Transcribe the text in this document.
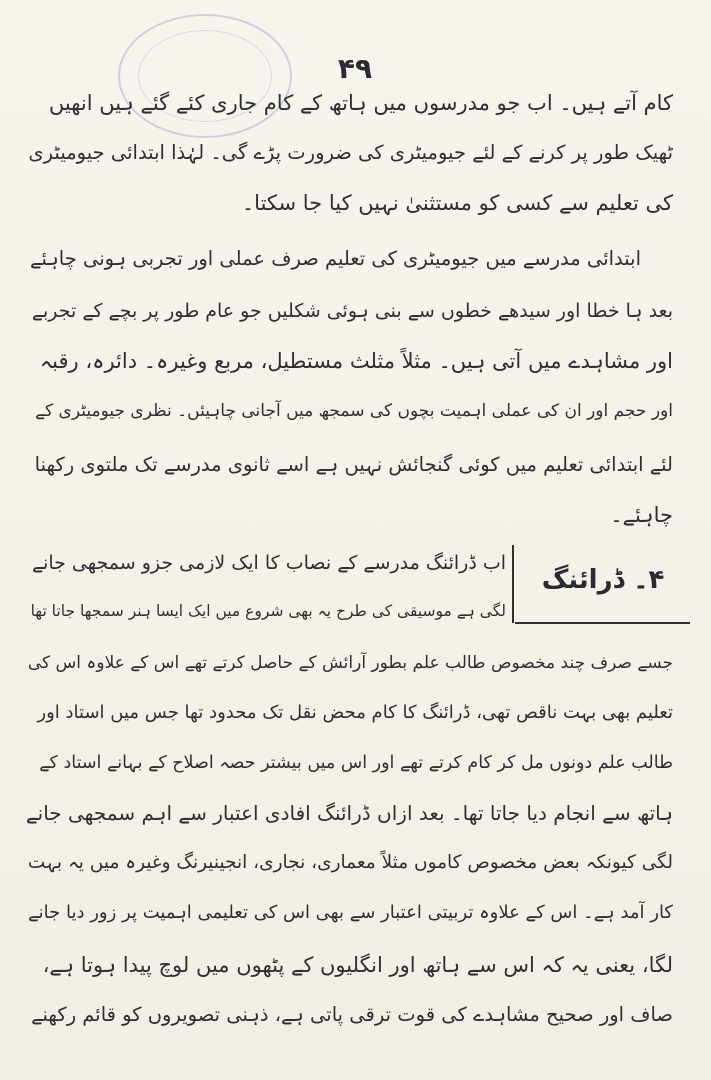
۴۹
کام آتے ہیں۔ اب جو مدرسوں میں ہاتھ کے کام جاری کئے گئے ہیں انھیں
ٹھیک طور پر کرنے کے لئے جیومیٹری کی ضرورت پڑے گی۔ لہٰذا ابتدائی جیومیٹری
کی تعلیم سے کسی کو مستثنیٰ نہیں کیا جا سکتا۔
ابتدائی مدرسے میں جیومیٹری کی تعلیم صرف عملی اور تجربی ہونی چاہئے
بعد ہا خطا اور سیدھے خطوں سے بنی ہوئی شکلیں جو عام طور پر بچے کے تجربے
اور مشاہدے میں آتی ہیں۔ مثلاً مثلث مستطیل، مربع وغیرہ۔ دائرہ، رقبہ
اور حجم اور ان کی عملی اہمیت بچوں کی سمجھ میں آجانی چاہیئں۔ نظری جیومیٹری کے
لئے ابتدائی تعلیم میں کوئی گنجائش نہیں ہے اسے ثانوی مدرسے تک ملتوی رکھنا
چاہئے۔
۴۔ ڈرائنگ
اب ڈرائنگ مدرسے کے نصاب کا ایک لازمی جزو سمجھی جانے
لگی ہے موسیقی کی طرح یہ بھی شروع میں ایک ایسا ہنر سمجھا جاتا تھا
جسے صرف چند مخصوص طالب علم بطور آرائش کے حاصل کرتے تھے اس کے علاوہ اس کی
تعلیم بھی بہت ناقص تھی، ڈرائنگ کا کام محض نقل تک محدود تھا جس میں استاد اور
طالب علم دونوں مل کر کام کرتے تھے اور اس میں بیشتر حصہ اصلاح کے بہانے استاد کے
ہاتھ سے انجام دیا جاتا تھا۔ بعد ازاں ڈرائنگ افادی اعتبار سے اہم سمجھی جانے
لگی کیونکہ بعض مخصوص کاموں مثلاً معماری، نجاری، انجینیرنگ وغیرہ میں یہ بہت
کار آمد ہے۔ اس کے علاوہ تربیتی اعتبار سے بھی اس کی تعلیمی اہمیت پر زور دیا جانے
لگا، یعنی یہ کہ اس سے ہاتھ اور انگلیوں کے پٹھوں میں لوچ پیدا ہوتا ہے،
صاف اور صحیح مشاہدے کی قوت ترقی پاتی ہے، ذہنی تصویروں کو قائم رکھنے
